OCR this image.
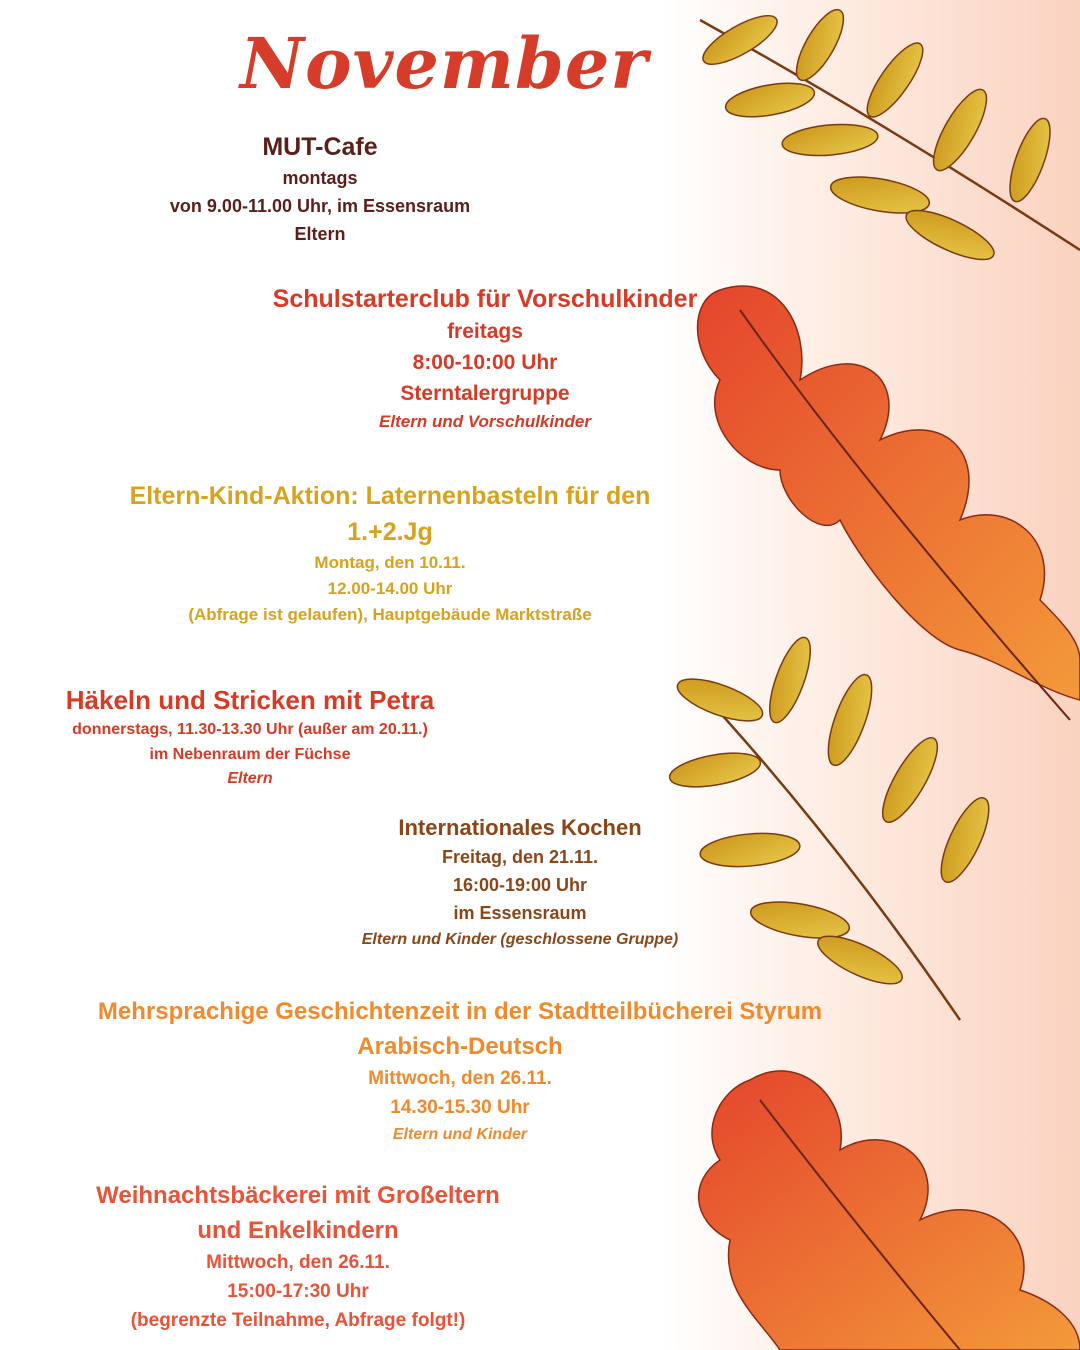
November
MUT-Cafe
montags
von 9.00-11.00 Uhr, im Essensraum
Eltern
Schulstarterclub für Vorschulkinder
freitags
8:00-10:00 Uhr
Sterntalergruppe
Eltern und Vorschulkinder
Eltern-Kind-Aktion: Laternenbasteln für den
1.+2.Jg
Montag, den 10.11.
12.00-14.00 Uhr
(Abfrage ist gelaufen), Hauptgebäude Marktstraße
Häkeln und Stricken mit Petra
donnerstags, 11.30-13.30 Uhr (außer am 20.11.)
im Nebenraum der Füchse
Eltern
Internationales Kochen
Freitag, den 21.11.
16:00-19:00 Uhr
im Essensraum
Eltern und Kinder (geschlossene Gruppe)
Mehrsprachige Geschichtenzeit in der Stadtteilbücherei Styrum
Arabisch-Deutsch
Mittwoch, den 26.11.
14.30-15.30 Uhr
Eltern und Kinder
Weihnachtsbäckerei mit Großeltern
und Enkelkindern
Mittwoch, den 26.11.
15:00-17:30 Uhr
(begrenzte Teilnahme, Abfrage folgt!)
